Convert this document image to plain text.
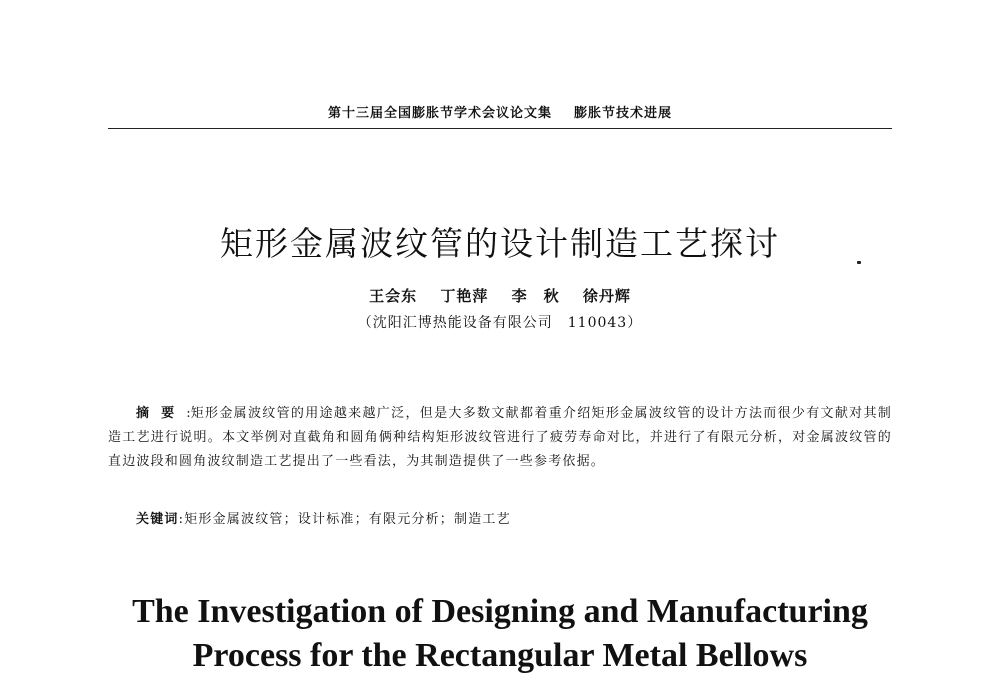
第十三届全国膨胀节学术会议论文集 膨胀节技术进展
矩形金属波纹管的设计制造工艺探讨
王会东 丁艳萍 李　秋 徐丹辉
（沈阳汇博热能设备有限公司　110043）
摘要:矩形金属波纹管的用途越来越广泛，但是大多数文献都着重介绍矩形金属波纹管的设计方法而很少有文献对其制造工艺进行说明。本文举例对直截角和圆角俩种结构矩形波纹管进行了疲劳寿命对比，并进行了有限元分析，对金属波纹管的直边波段和圆角波纹制造工艺提出了一些看法，为其制造提供了一些参考依据。
关键词:矩形金属波纹管；设计标准；有限元分析；制造工艺
The Investigation of Designing and Manufacturing
Process for the Rectangular Metal Bellows
